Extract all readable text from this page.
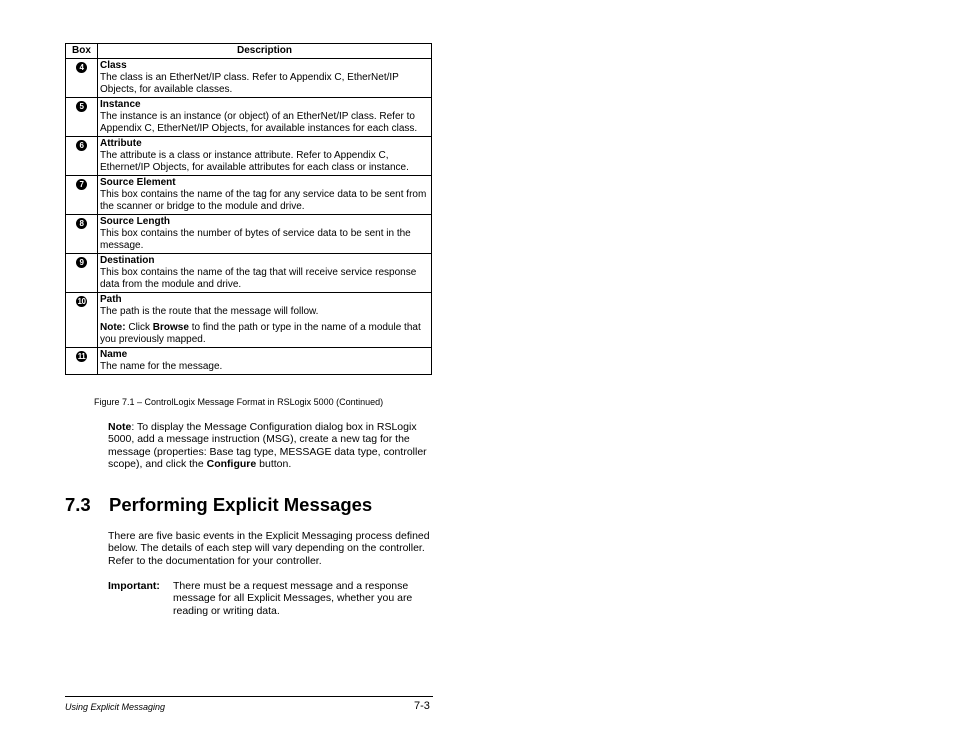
Box	Description
4	Class
The class is an EtherNet/IP class. Refer to Appendix C, EtherNet/IP Objects, for available classes.
5	Instance
The instance is an instance (or object) of an EtherNet/IP class. Refer to Appendix C, EtherNet/IP Objects, for available instances for each class.
6	Attribute
The attribute is a class or instance attribute. Refer to Appendix C, Ethernet/IP Objects, for available attributes for each class or instance.
7	Source Element
This box contains the name of the tag for any service data to be sent from the scanner or bridge to the module and drive.
8	Source Length
This box contains the number of bytes of service data to be sent in the message.
9	Destination
This box contains the name of the tag that will receive service response data from the module and drive.
10	Path
The path is the route that the message will follow.
Note: Click Browse to find the path or type in the name of a module that you previously mapped.

11	Name
The name for the message.
Figure 7.1 – ControlLogix Message Format in RSLogix 5000 (Continued)
Note: To display the Message Configuration dialog box in RSLogix 5000, add a message instruction (MSG), create a new tag for the message (properties: Base tag type, MESSAGE data type, controller scope), and click the Configure button.
7.3 Performing Explicit Messages
There are five basic events in the Explicit Messaging process defined below. The details of each step will vary depending on the controller. Refer to the documentation for your controller.
Important: There must be a request message and a response message for all Explicit Messages, whether you are reading or writing data.
Using Explicit Messaging	7-3
